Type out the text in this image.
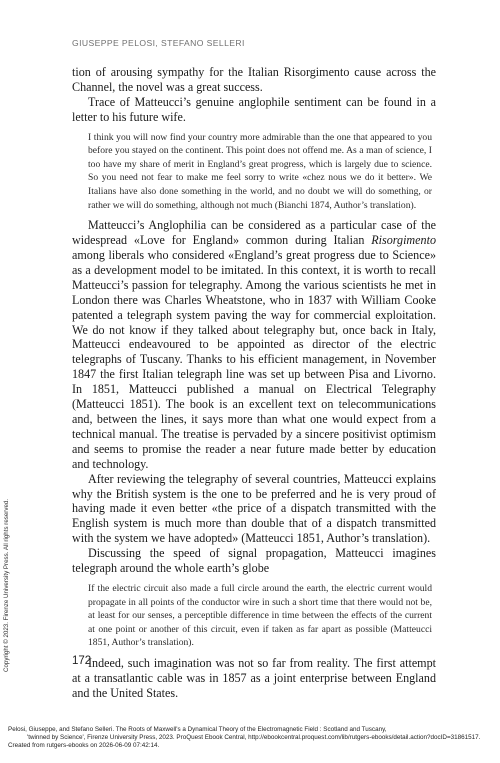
GIUSEPPE PELOSI, STEFANO SELLERI

tion of arousing sympathy for the Italian Risorgimento cause across the Channel, the novel was a great success.

Trace of Matteucci’s genuine anglophile sentiment can be found in a letter to his future wife.

I think you will now find your country more admirable than the one that appeared to you before you stayed on the continent. This point does not offend me. As a man of science, I too have my share of merit in England’s great progress, which is largely due to science. So you need not fear to make me feel sorry to write «chez nous we do it better». We Italians have also done something in the world, and no doubt we will do something, or rather we will do something, although not much (Bianchi 1874, Author’s translation).

Matteucci’s Anglophilia can be considered as a particular case of the widespread «Love for England» common during Italian Risorgimento among liberals who considered «England’s great progress due to Science» as a development model to be imitated. In this context, it is worth to recall Matteucci’s passion for telegraphy. Among the various scientists he met in London there was Charles Wheatstone, who in 1837 with William Cooke patented a telegraph system paving the way for commercial exploitation. We do not know if they talked about telegraphy but, once back in Italy, Matteucci endeavoured to be appointed as director of the electric telegraphs of Tuscany. Thanks to his efficient management, in November 1847 the first Italian telegraph line was set up between Pisa and Livorno. In 1851, Matteucci published a manual on Electrical Telegraphy (Matteucci 1851). The book is an excellent text on telecommunications and, between the lines, it says more than what one would expect from a technical manual. The treatise is pervaded by a sincere positivist optimism and seems to promise the reader a near future made better by education and technology.

After reviewing the telegraphy of several countries, Matteucci explains why the British system is the one to be preferred and he is very proud of having made it even better «the price of a dispatch transmitted with the English system is much more than double that of a dispatch transmitted with the system we have adopted» (Matteucci 1851, Author’s translation).

Discussing the speed of signal propagation, Matteucci imagines telegraph around the whole earth’s globe

If the electric circuit also made a full circle around the earth, the electric current would propagate in all points of the conductor wire in such a short time that there would not be, at least for our senses, a perceptible difference in time between the effects of the current at one point or another of this circuit, even if taken as far apart as possible (Matteucci 1851, Author’s translation).

Indeed, such imagination was not so far from reality. The first attempt at a transatlantic cable was in 1857 as a joint enterprise between England and the United States.

172
Copyright © 2023. Firenze University Press. All rights reserved.
Pelosi, Giuseppe, and Stefano Selleri. The Roots of Maxwell's a Dynamical Theory of the Electromagnetic Field : Scotland and Tuscany,
'twinned by Science', Firenze University Press, 2023. ProQuest Ebook Central, http://ebookcentral.proquest.com/lib/rutgers-ebooks/detail.action?docID=31861517.
Created from rutgers-ebooks on 2026-06-09 07:42:14.
